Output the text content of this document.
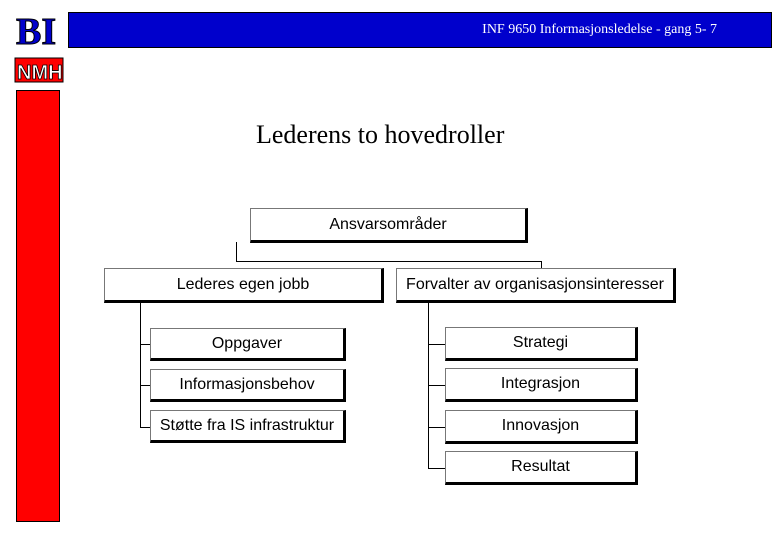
BI
NMH
INF 9650 Informasjonsledelse - gang 5- 7
Lederens to hovedroller
Ansvarsområder
Lederes egen jobb	Forvalter av organisasjonsinteresser
Oppgaver
Informasjonsbehov
Støtte fra IS infrastruktur
Strategi
Integrasjon
Innovasjon
Resultat
